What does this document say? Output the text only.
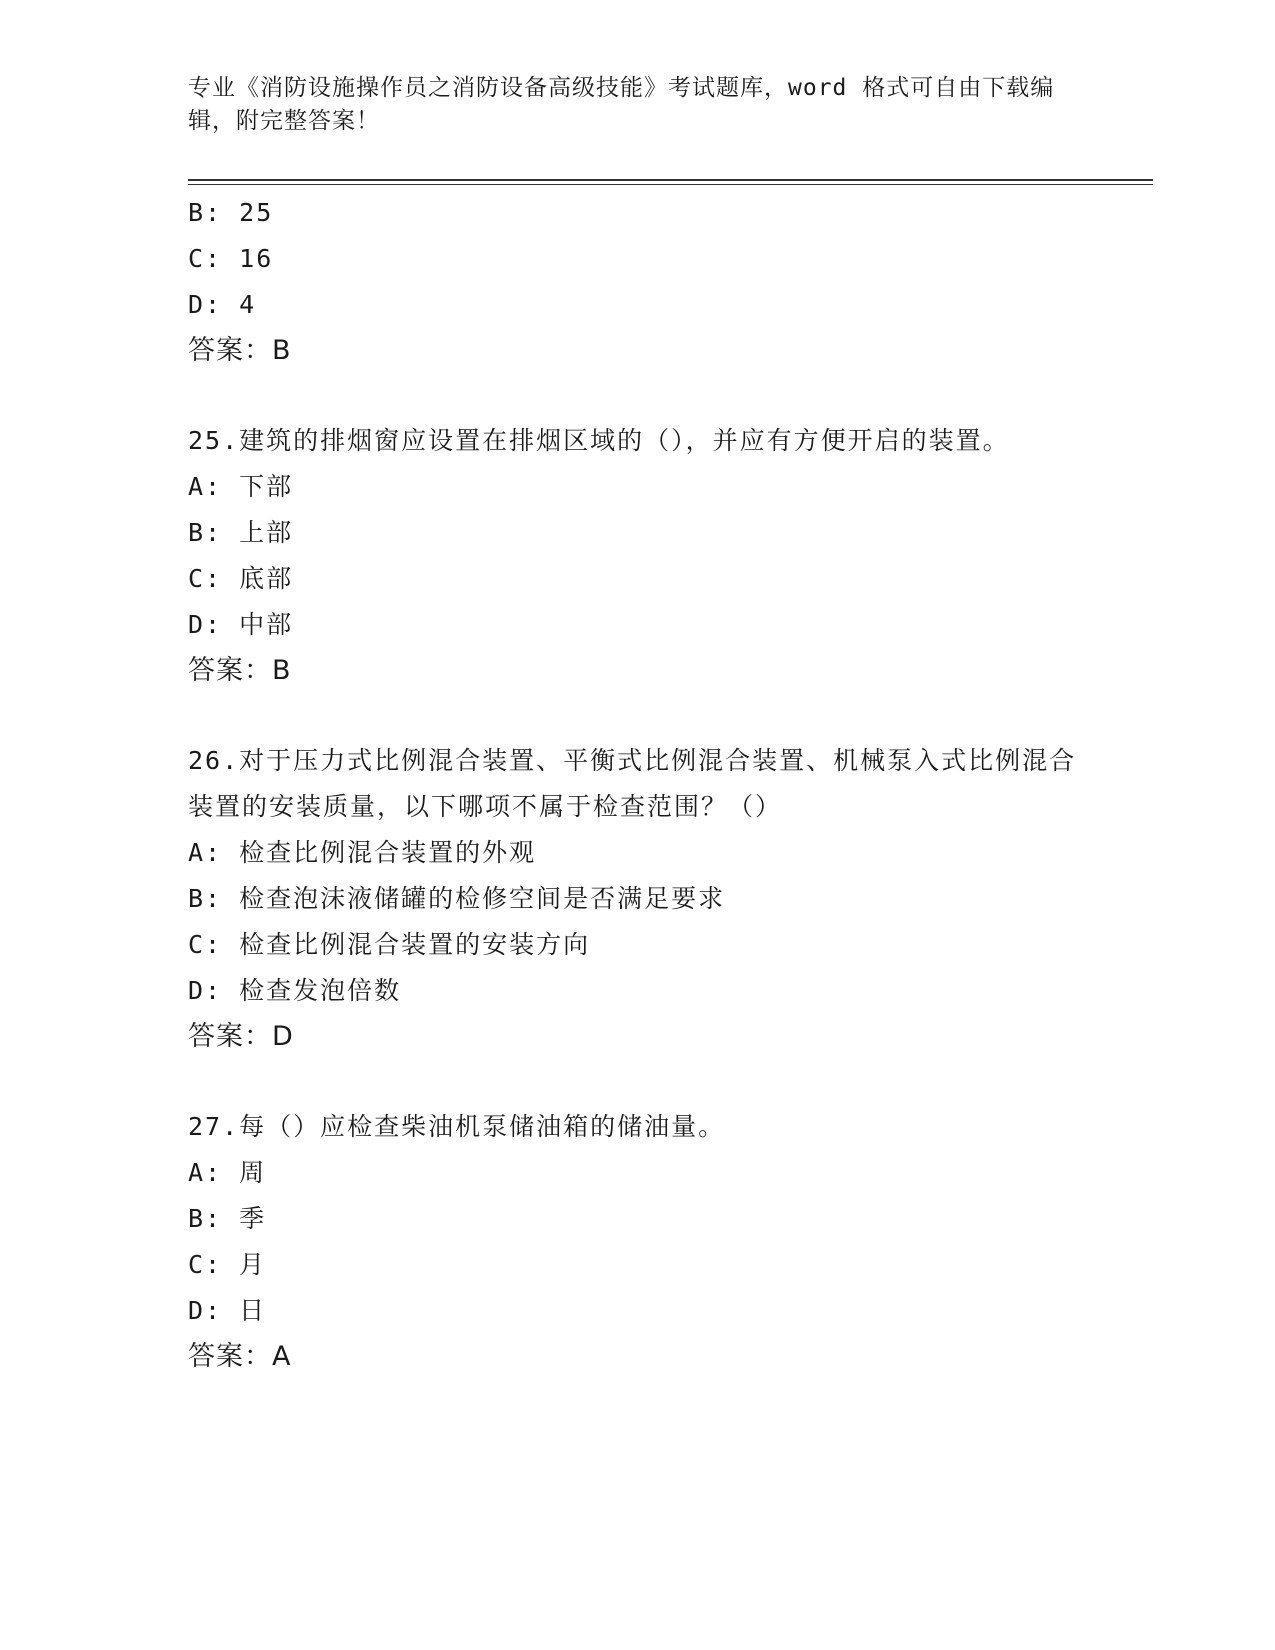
专业《消防设施操作员之消防设备高级技能》考试题库，word 格式可自由下载编辑，附完整答案！
B: 25
C: 16
D: 4
答案：B
25.建筑的排烟窗应设置在排烟区域的（），并应有方便开启的装置。
A: 下部
B: 上部
C: 底部
D: 中部
答案：B
26.对于压力式比例混合装置、平衡式比例混合装置、机械泵入式比例混合装置的安装质量，以下哪项不属于检查范围？（）
A: 检查比例混合装置的外观
B: 检查泡沫液储罐的检修空间是否满足要求
C: 检查比例混合装置的安装方向
D: 检查发泡倍数
答案：D
27.每（）应检查柴油机泵储油箱的储油量。
A: 周
B: 季
C: 月
D: 日
答案：A
